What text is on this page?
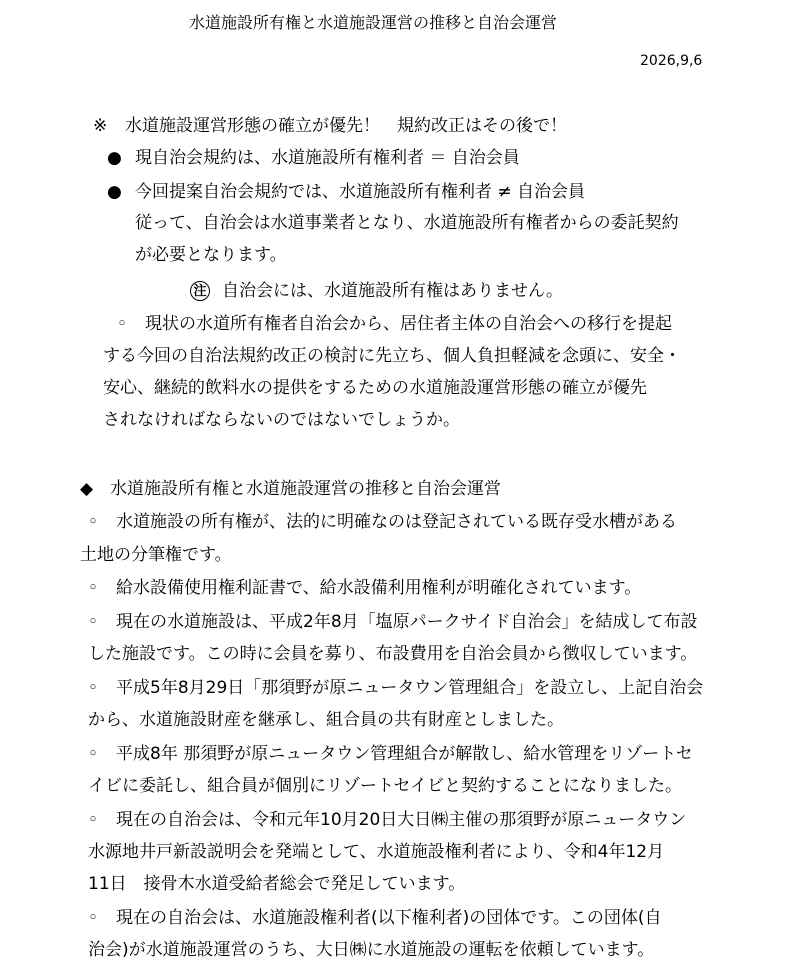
水道施設所有権と水道施設運営の推移と自治会運営
2026,9,6
※ 水道施設運営形態の確立が優先！　規約改正はその後で！
● 現自治会規約は、水道施設所有権利者 ＝ 自治会員
● 今回提案自治会規約では、水道施設所有権利者 ≠ 自治会員
従って、自治会は水道事業者となり、水道施設所有権者からの委託契約
が必要となります。
注 自治会には、水道施設所有権はありません。
◦ 現状の水道所有権者自治会から、居住者主体の自治会への移行を提起
する今回の自治法規約改正の検討に先立ち、個人負担軽減を念頭に、安全・
安心、継続的飲料水の提供をするための水道施設運営形態の確立が優先
されなければならないのではないでしょうか。
◆ 水道施設所有権と水道施設運営の推移と自治会運営
◦ 水道施設の所有権が、法的に明確なのは登記されている既存受水槽がある
土地の分筆権です。
◦ 給水設備使用権利証書で、給水設備利用権利が明確化されています。
◦ 現在の水道施設は、平成2年8月「塩原パークサイド自治会」を結成して布設
した施設です。この時に会員を募り、布設費用を自治会員から徴収しています。
◦ 平成5年8月29日「那須野が原ニュータウン管理組合」を設立し、上記自治会
から、水道施設財産を継承し、組合員の共有財産としました。
◦ 平成8年 那須野が原ニュータウン管理組合が解散し、給水管理をリゾートセ
イビに委託し、組合員が個別にリゾートセイビと契約することになりました。
◦ 現在の自治会は、令和元年10月20日大日㈱主催の那須野が原ニュータウン
水源地井戸新設説明会を発端として、水道施設権利者により、令和4年12月
11日　接骨木水道受給者総会で発足しています。
◦ 現在の自治会は、水道施設権利者(以下権利者)の団体です。この団体(自
治会)が水道施設運営のうち、大日㈱に水道施設の運転を依頼しています。
